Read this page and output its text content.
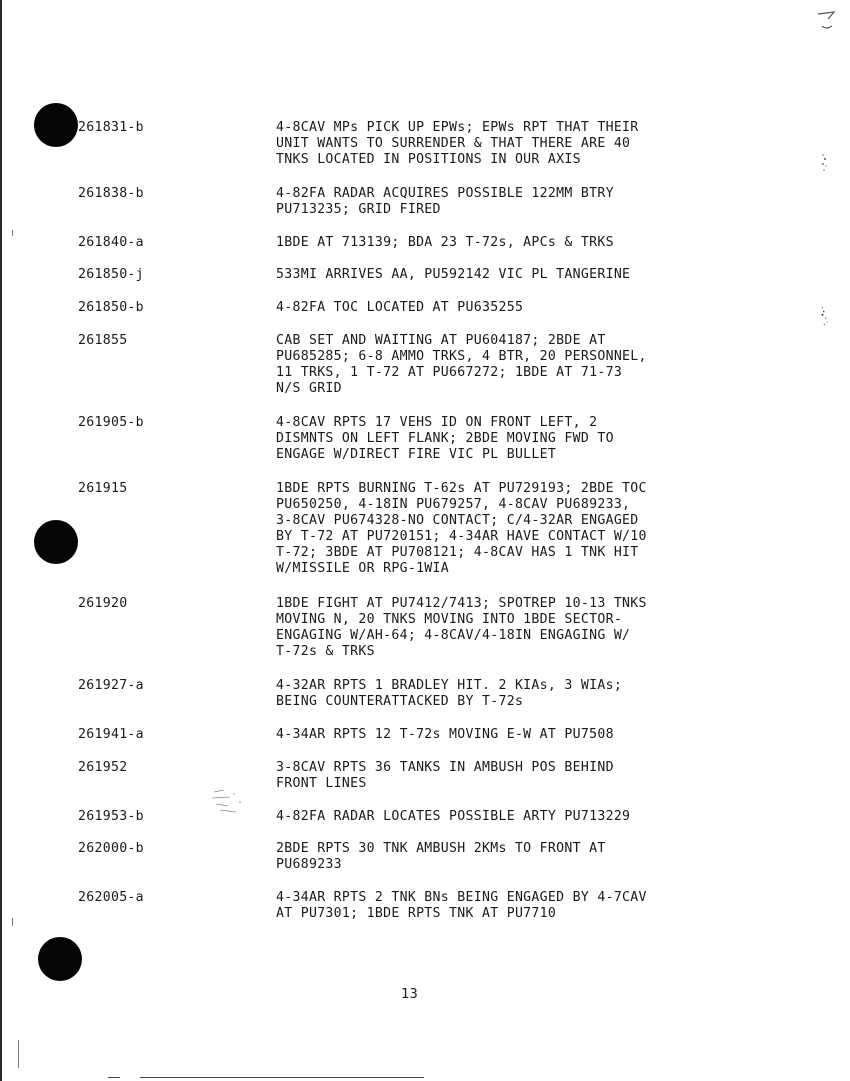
261831-b	4-8CAV MPs PICK UP EPWs; EPWs RPT THAT THEIR
UNIT WANTS TO SURRENDER & THAT THERE ARE 40
TNKS LOCATED IN POSITIONS IN OUR AXIS
261838-b	4-82FA RADAR ACQUIRES POSSIBLE 122MM BTRY
PU713235; GRID FIRED
261840-a	1BDE AT 713139; BDA 23 T-72s, APCs & TRKS
261850-j	533MI ARRIVES AA, PU592142 VIC PL TANGERINE
261850-b	4-82FA TOC LOCATED AT PU635255
261855	CAB SET AND WAITING AT PU604187; 2BDE AT
PU685285; 6-8 AMMO TRKS, 4 BTR, 20 PERSONNEL,
11 TRKS, 1 T-72 AT PU667272; 1BDE AT 71-73
N/S GRID
261905-b	4-8CAV RPTS 17 VEHS ID ON FRONT LEFT, 2
DISMNTS ON LEFT FLANK; 2BDE MOVING FWD TO
ENGAGE W/DIRECT FIRE VIC PL BULLET
261915	1BDE RPTS BURNING T-62s AT PU729193; 2BDE TOC
PU650250, 4-18IN PU679257, 4-8CAV PU689233,
3-8CAV PU674328-NO CONTACT; C/4-32AR ENGAGED
BY T-72 AT PU720151; 4-34AR HAVE CONTACT W/10
T-72; 3BDE AT PU708121; 4-8CAV HAS 1 TNK HIT
W/MISSILE OR RPG-1WIA
261920	1BDE FIGHT AT PU7412/7413; SPOTREP 10-13 TNKS
MOVING N, 20 TNKS MOVING INTO 1BDE SECTOR-
ENGAGING W/AH-64; 4-8CAV/4-18IN ENGAGING W/
T-72s & TRKS
261927-a	4-32AR RPTS 1 BRADLEY HIT. 2 KIAs, 3 WIAs;
BEING COUNTERATTACKED BY T-72s
261941-a	4-34AR RPTS 12 T-72s MOVING E-W AT PU7508
261952	3-8CAV RPTS 36 TANKS IN AMBUSH POS BEHIND
FRONT LINES
261953-b	4-82FA RADAR LOCATES POSSIBLE ARTY PU713229
262000-b	2BDE RPTS 30 TNK AMBUSH 2KMs TO FRONT AT
PU689233
262005-a	4-34AR RPTS 2 TNK BNs BEING ENGAGED BY 4-7CAV
AT PU7301; 1BDE RPTS TNK AT PU7710
13
